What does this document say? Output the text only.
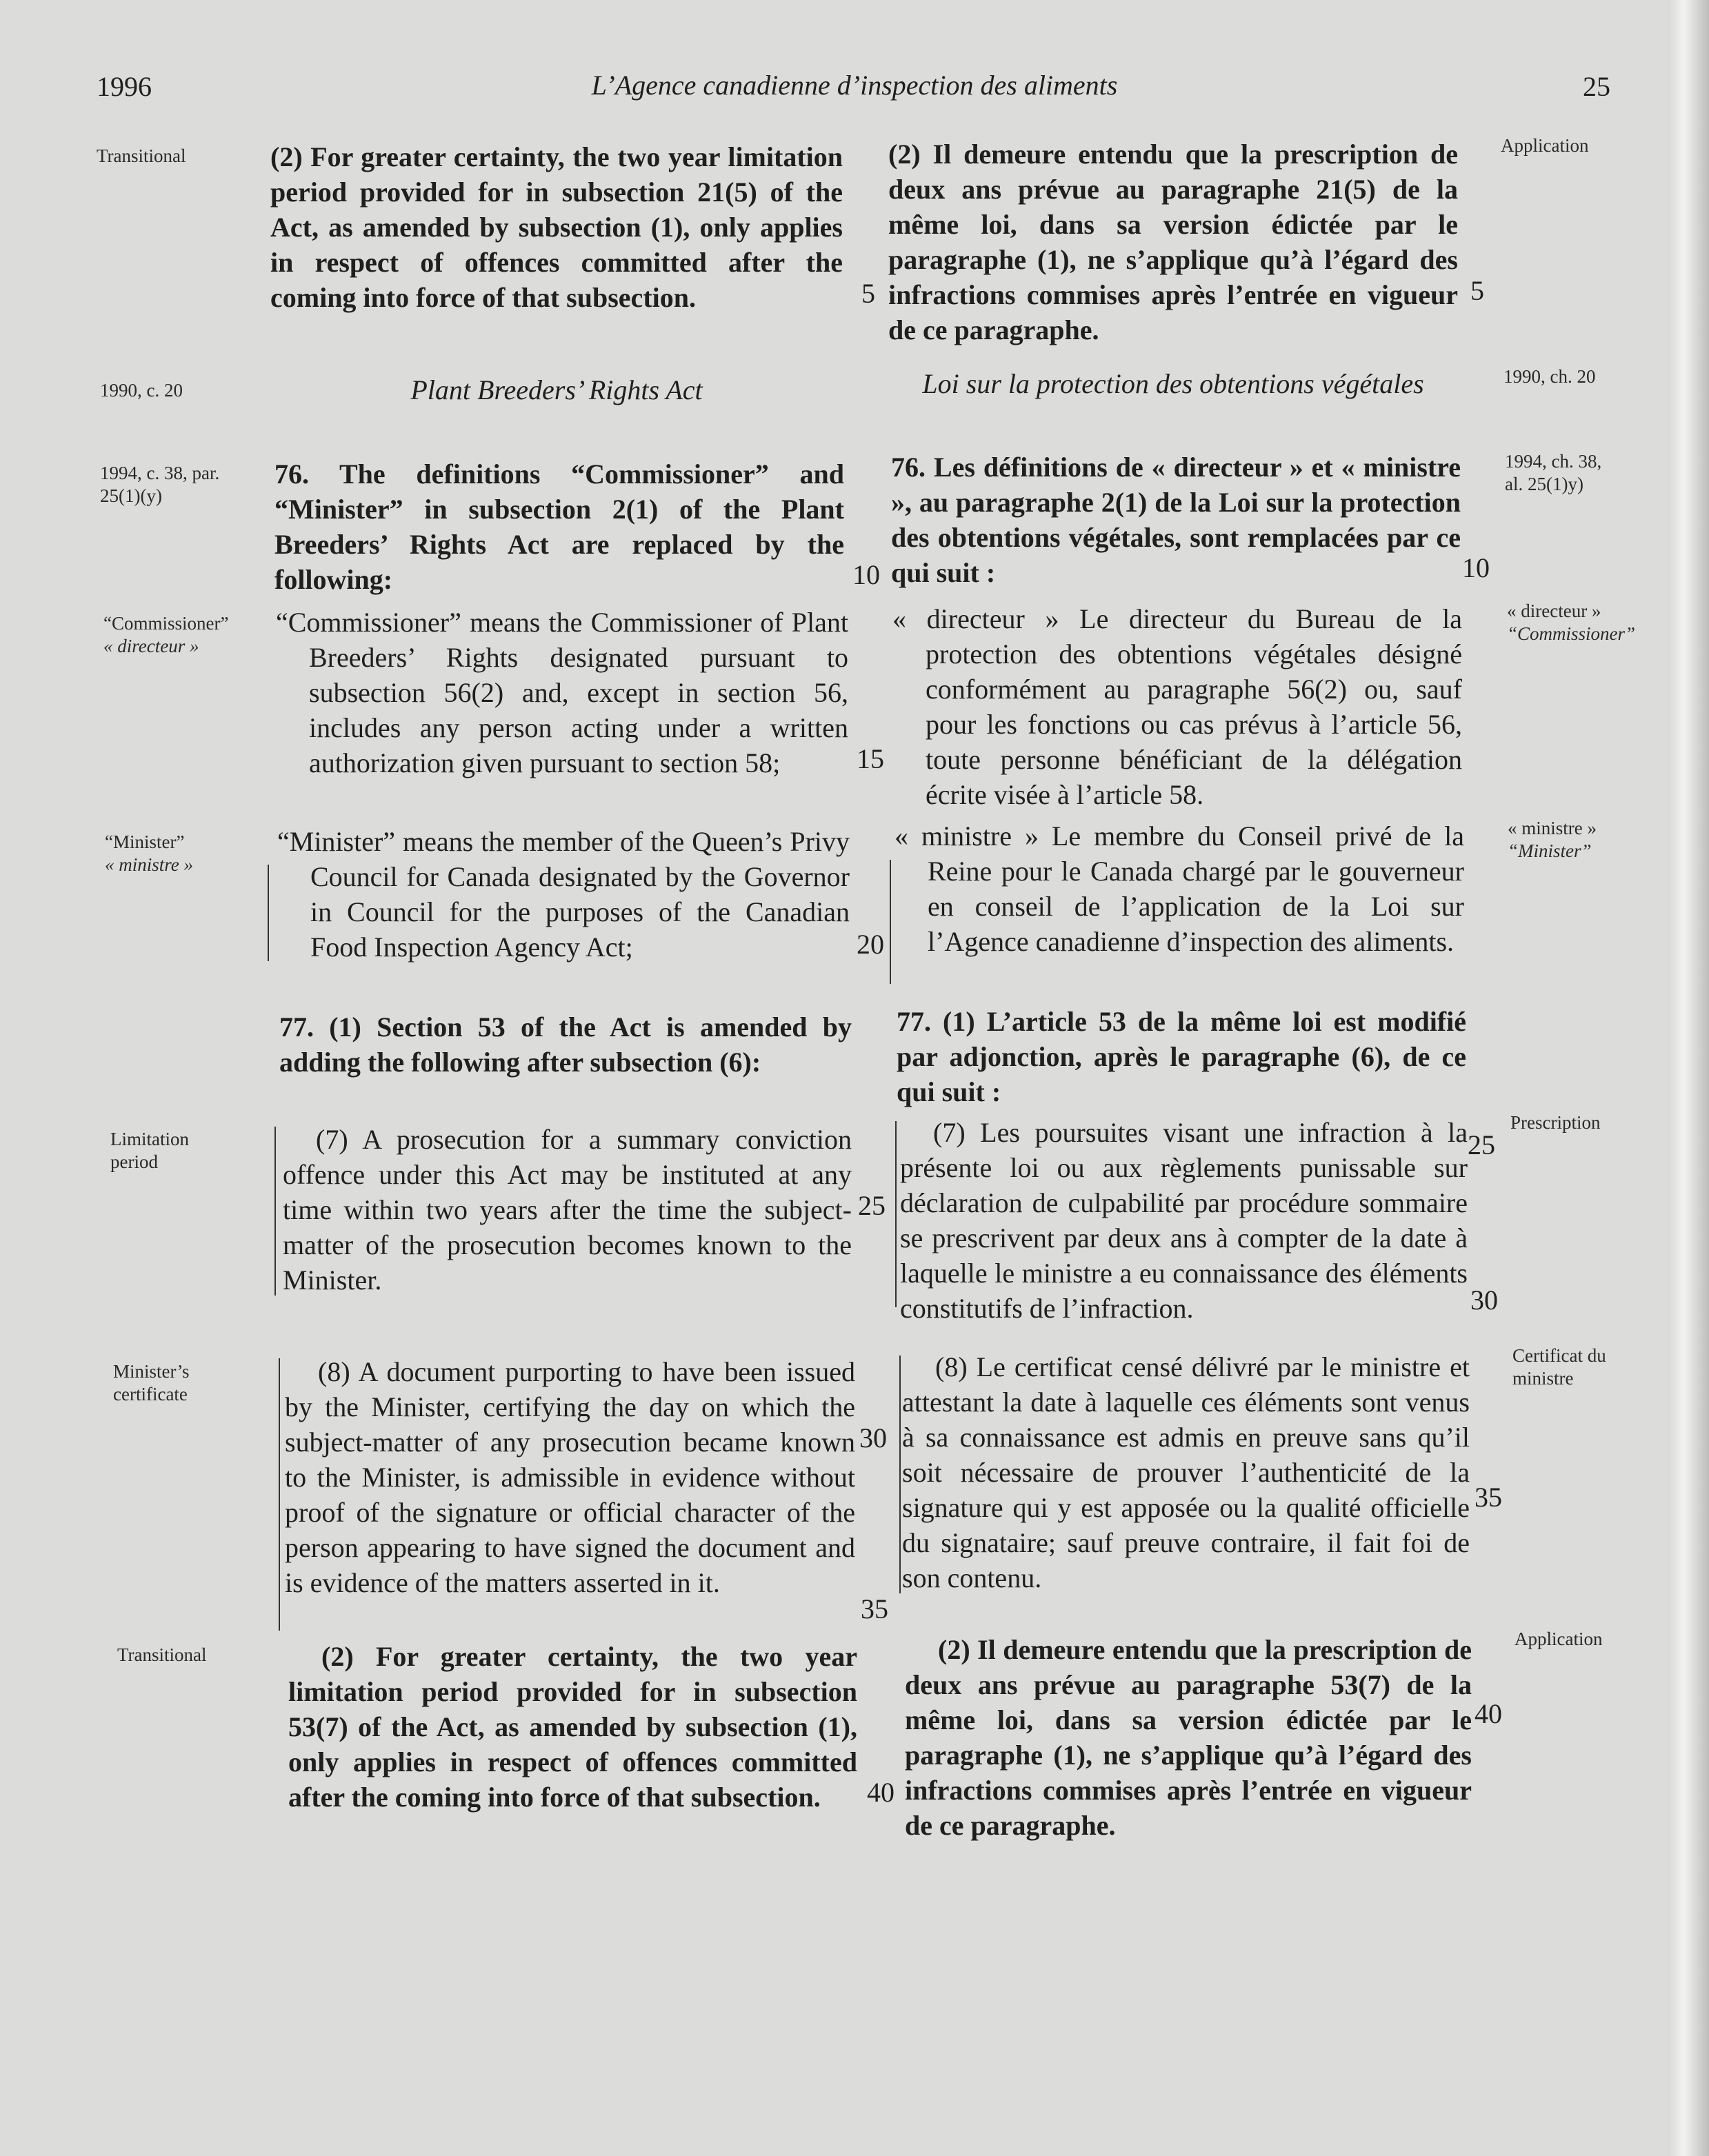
1996	L’Agence canadienne d’inspection des aliments	25
Transitional
1990, c. 20
1994, c. 38, par. 25(1)(y)
“Commissioner”
« directeur »
“Minister”
« ministre »
Limitation period
Minister’s certificate
Transitional
Application
1990, ch. 20
1994, ch. 38, al. 25(1)y)
« directeur »
“Commissioner”
« ministre »
“Minister”
Prescription
Certificat du ministre
Application
(2) For greater certainty, the two year limitation period provided for in subsection 21(5) of the Act, as amended by subsection (1), only applies in respect of offences committed after the coming into force of that subsection.
Plant Breeders’ Rights Act
76. The definitions “Commissioner” and “Minister” in subsection 2(1) of the Plant Breeders’ Rights Act are replaced by the following:
“Commissioner” means the Commissioner of Plant Breeders’ Rights designated pursuant to subsection 56(2) and, except in section 56, includes any person acting under a written authorization given pursuant to section 58;
“Minister” means the member of the Queen’s Privy Council for Canada designated by the Governor in Council for the purposes of the Canadian Food Inspection Agency Act;
77. (1) Section 53 of the Act is amended by adding the following after subsection (6):
(7) A prosecution for a summary conviction offence under this Act may be instituted at any time within two years after the time the subject-matter of the prosecution becomes known to the Minister.
(8) A document purporting to have been issued by the Minister, certifying the day on which the subject-matter of any prosecution became known to the Minister, is admissible in evidence without proof of the signature or official character of the person appearing to have signed the document and is evidence of the matters asserted in it.
(2) For greater certainty, the two year limitation period provided for in subsection 53(7) of the Act, as amended by subsection (1), only applies in respect of offences committed after the coming into force of that subsection.
5
10
15
20
25
30
35
40
5
10
25
30
35
40
(2) Il demeure entendu que la prescription de deux ans prévue au paragraphe 21(5) de la même loi, dans sa version édictée par le paragraphe (1), ne s’applique qu’à l’égard des infractions commises après l’entrée en vigueur de ce paragraphe.
Loi sur la protection des obtentions végétales
76. Les définitions de « directeur » et « ministre », au paragraphe 2(1) de la Loi sur la protection des obtentions végétales, sont remplacées par ce qui suit :
« directeur » Le directeur du Bureau de la protection des obtentions végétales désigné conformément au paragraphe 56(2) ou, sauf pour les fonctions ou cas prévus à l’article 56, toute personne bénéficiant de la délégation écrite visée à l’article 58.
« ministre » Le membre du Conseil privé de la Reine pour le Canada chargé par le gouverneur en conseil de l’application de la Loi sur l’Agence canadienne d’inspection des aliments.
77. (1) L’article 53 de la même loi est modifié par adjonction, après le paragraphe (6), de ce qui suit :
(7) Les poursuites visant une infraction à la présente loi ou aux règlements punissable sur déclaration de culpabilité par procédure sommaire se prescrivent par deux ans à compter de la date à laquelle le ministre a eu connaissance des éléments constitutifs de l’infraction.
(8) Le certificat censé délivré par le ministre et attestant la date à laquelle ces éléments sont venus à sa connaissance est admis en preuve sans qu’il soit nécessaire de prouver l’authenticité de la signature qui y est apposée ou la qualité officielle du signataire; sauf preuve contraire, il fait foi de son contenu.
(2) Il demeure entendu que la prescription de deux ans prévue au paragraphe 53(7) de la même loi, dans sa version édictée par le paragraphe (1), ne s’applique qu’à l’égard des infractions commises après l’entrée en vigueur de ce paragraphe.
